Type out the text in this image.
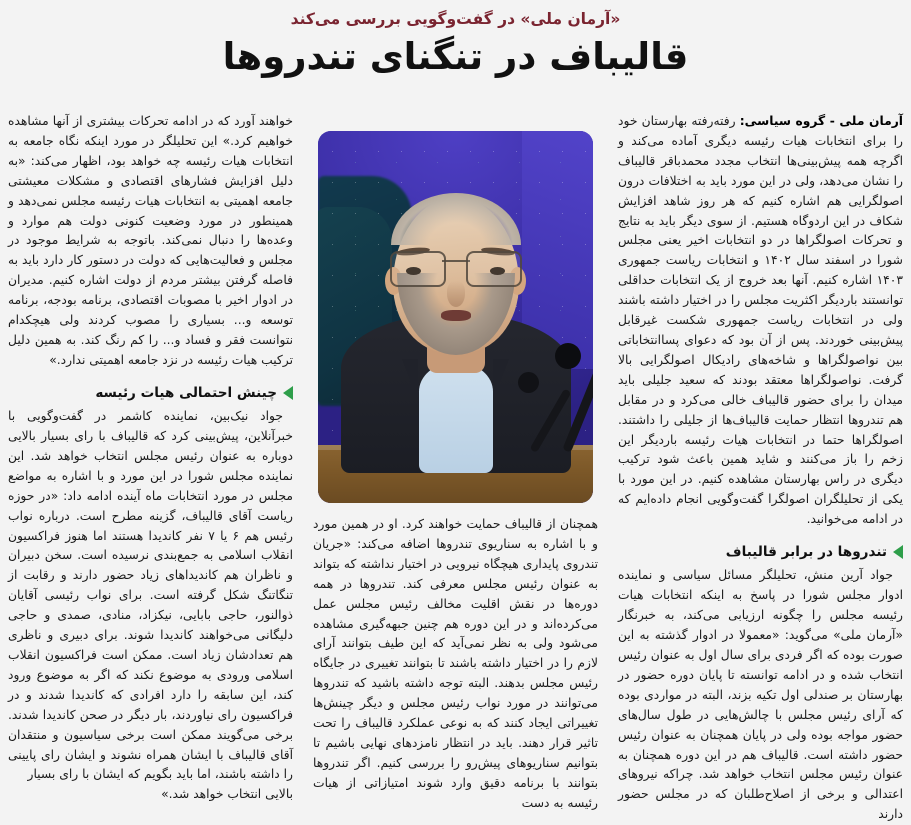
«آرمان ملی» در گفت‌وگویی بررسی می‌کند
قالیباف در تنگنای تندروها

آرمان ملی - گروه سیاسی: رفته‌رفته بهارستان خود را برای انتخابات هیات رئیسه دیگری آماده می‌کند و اگرچه همه پیش‌بینی‌ها انتخاب مجدد محمدباقر قالیباف را نشان می‌دهد، ولی در این مورد باید به اختلافات درون اصولگرایی هم اشاره کنیم که هر روز شاهد افزایش شکاف در این اردوگاه هستیم. از سوی دیگر باید به نتایج و تحرکات اصولگراها در دو انتخابات اخیر یعنی مجلس شورا در اسفند سال ۱۴۰۲ و انتخابات ریاست جمهوری ۱۴۰۳ اشاره کنیم. آنها بعد خروج از یک انتخابات حداقلی توانستند باردیگر اکثریت مجلس را در اختیار داشته باشند ولی در انتخابات ریاست جمهوری شکست غیرقابل پیش‌بینی خوردند. پس از آن بود که دعوای پساانتخاباتی بین نواصولگراها و شاخه‌های رادیکال اصولگرایی بالا گرفت. نواصولگراها معتقد بودند که سعید جلیلی باید میدان را برای حضور قالیباف خالی می‌کرد و در مقابل هم تندروها انتظار حمایت قالیباف‌ها از جلیلی را داشتند. اصولگراها حتما در انتخابات هیات رئیسه باردیگر این زخم را باز می‌کنند و شاید همین باعث شود ترکیب دیگری در راس بهارستان مشاهده کنیم. در این مورد با یکی از تحلیلگران اصولگرا گفت‌وگویی انجام داده‌ایم که در ادامه می‌خوانید.

تندروها در برابر قالیباف

جواد آرین منش، تحلیلگر مسائل سیاسی و نماینده ادوار مجلس شورا در پاسخ به اینکه انتخابات هیات رئیسه مجلس را چگونه ارزیابی می‌کند، به خبرنگار «آرمان ملی» می‌گوید: «معمولا در ادوار گذشته به این صورت بوده که اگر فردی برای سال اول به عنوان رئیس انتخاب شده و در ادامه توانسته تا پایان دوره حضور در بهارستان بر صندلی اول تکیه بزند، البته در مواردی بوده که آرای رئیس مجلس با چالش‌هایی در طول سال‌های حضور مواجه بوده ولی در پایان همچنان به عنوان رئیس حضور داشته است. قالیباف هم در این دوره همچنان به عنوان رئیس مجلس انتخاب خواهد شد. چراکه نیروهای اعتدالی و برخی از اصلاح‌طلبان که در مجلس حضور دارند

همچنان از قالیباف حمایت خواهند کرد. او در همین مورد و با اشاره به سناریوی تندروها اضافه می‌کند: «جریان تندروی پایداری هیچگاه نیرویی در اختیار نداشته که بتواند به عنوان رئیس مجلس معرفی کند. تندروها در همه دوره‌ها در نقش اقلیت مخالف رئیس مجلس عمل می‌کرده‌اند و در این دوره هم چنین جبهه‌گیری مشاهده می‌شود ولی به نظر نمی‌آید که این طیف بتوانند آرای لازم را در اختیار داشته باشند تا بتوانند تغییری در جایگاه رئیس مجلس بدهند. البته توجه داشته باشید که تندروها می‌توانند در مورد نواب رئیس مجلس و دیگر چینش‌ها تغییراتی ایجاد کنند که به نوعی عملکرد قالیباف را تحت تاثیر قرار دهند. باید در انتظار نامزدهای نهایی باشیم تا بتوانیم سناریوهای پیش‌رو را بررسی کنیم. اگر تندروها بتوانند با برنامه دقیق وارد شوند امتیازاتی از هیات رئیسه به دست

خواهند آورد که در ادامه تحرکات بیشتری از آنها مشاهده خواهیم کرد.» این تحلیلگر در مورد اینکه نگاه جامعه به انتخابات هیات رئیسه چه خواهد بود، اظهار می‌کند: «به دلیل افزایش فشارهای اقتصادی و مشکلات معیشتی جامعه اهمیتی به انتخابات هیات رئیسه مجلس نمی‌دهد و همینطور در مورد وضعیت کنونی دولت هم موارد و وعده‌ها را دنبال نمی‌کند. باتوجه به شرایط موجود در مجلس و فعالیت‌هایی که دولت در دستور کار دارد باید به فاصله گرفتن بیشتر مردم از دولت اشاره کنیم. مدیران در ادوار اخیر با مصوبات اقتصادی، برنامه بودجه، برنامه توسعه و... بسیاری را مصوب کردند ولی هیچکدام نتوانست فقر و فساد و... را کم رنگ کند. به همین دلیل ترکیب هیات رئیسه در نزد جامعه اهمیتی ندارد.»

چینش احتمالی هیات رئیسه

جواد نیک‌بین، نماینده کاشمر در گفت‌وگویی با خبرآنلاین، پیش‌بینی کرد که قالیباف با رای بسیار بالایی دوباره به عنوان رئیس مجلس انتخاب خواهد شد. این نماینده مجلس شورا در این مورد و با اشاره به مواضع مجلس در مورد انتخابات ماه آینده ادامه داد: «در حوزه ریاست آقای قالیباف، گزینه مطرح است. درباره نواب رئیس هم ۶ یا ۷ نفر کاندیدا هستند اما هنوز فراکسیون انقلاب اسلامی به جمع‌بندی نرسیده است. سخن دبیران و ناظران هم کاندیداهای زیاد حضور دارند و رقابت از تنگاتنگ شکل گرفته است. برای نواب رئیسی آقایان ذوالنور، حاجی بابایی، نیکزاد، منادی، صمدی و حاجی دلیگانی می‌خواهند کاندیدا شوند. برای دبیری و ناظری هم تعدادشان زیاد است. ممکن است فراکسیون انقلاب اسلامی ورودی به موضوع نکند که اگر به موضوع ورود کند، این سابقه را دارد افرادی که کاندیدا شدند و در فراکسیون رای نیاوردند، بار دیگر در صحن کاندیدا شدند. برخی می‌گویند ممکن است برخی سیاسیون و منتقدان آقای قالیباف با ایشان همراه نشوند و ایشان رای پایینی را داشته باشند، اما باید بگویم که ایشان با رای بسیار

بالایی انتخاب خواهد شد.»
